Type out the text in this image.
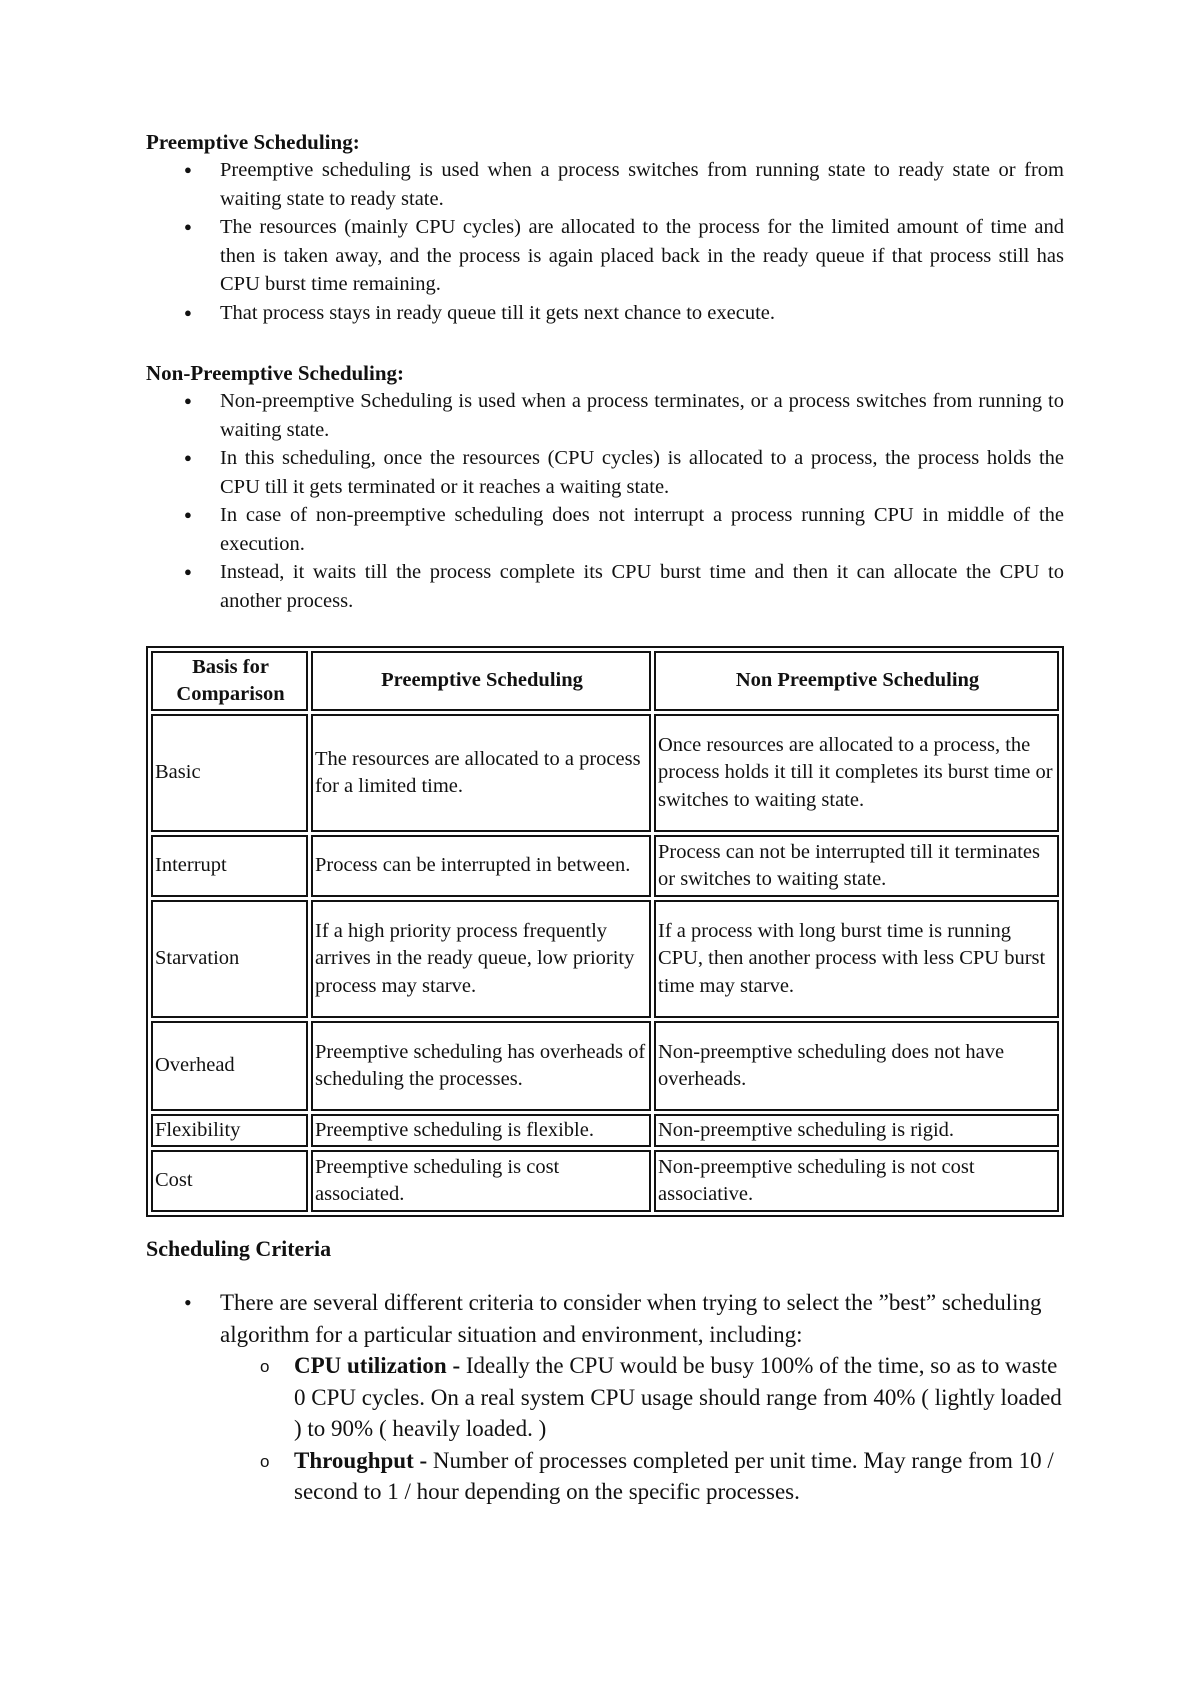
Preemptive Scheduling:

● Preemptive scheduling is used when a process switches from running state to ready state or from waiting state to ready state.
● The resources (mainly CPU cycles) are allocated to the process for the limited amount of time and then is taken away, and the process is again placed back in the ready queue if that process still has CPU burst time remaining.
● That process stays in ready queue till it gets next chance to execute.

Non-Preemptive Scheduling:

● Non-preemptive Scheduling is used when a process terminates, or a process switches from running to waiting state.
● In this scheduling, once the resources (CPU cycles) is allocated to a process, the process holds the CPU till it gets terminated or it reaches a waiting state.
● In case of non-preemptive scheduling does not interrupt a process running CPU in middle of the execution.
● Instead, it waits till the process complete its CPU burst time and then it can allocate the CPU to another process.
Basis for Comparison	Preemptive Scheduling	Non Preemptive Scheduling
Basic	The resources are allocated to a process for a limited time.	Once resources are allocated to a process, the process holds it till it completes its burst time or switches to waiting state.
Interrupt	Process can be interrupted in between.	Process can not be interrupted till it terminates or switches to waiting state.
Starvation	If a high priority process frequently arrives in the ready queue, low priority process may starve.	If a process with long burst time is running CPU, then another process with less CPU burst time may starve.
Overhead	Preemptive scheduling has overheads of scheduling the processes.	Non-preemptive scheduling does not have overheads.
Flexibility	Preemptive scheduling is flexible.	Non-preemptive scheduling is rigid.
Cost	Preemptive scheduling is cost associated.	Non-preemptive scheduling is not cost associative.

Scheduling Criteria

• There are several different criteria to consider when trying to select the ”best” scheduling algorithm for a particular situation and environment, including:
o CPU utilization - Ideally the CPU would be busy 100% of the time, so as to waste 0 CPU cycles. On a real system CPU usage should range from 40% ( lightly loaded ) to 90% ( heavily loaded. )
o Throughput - Number of processes completed per unit time. May range from 10 / second to 1 / hour depending on the specific processes.
